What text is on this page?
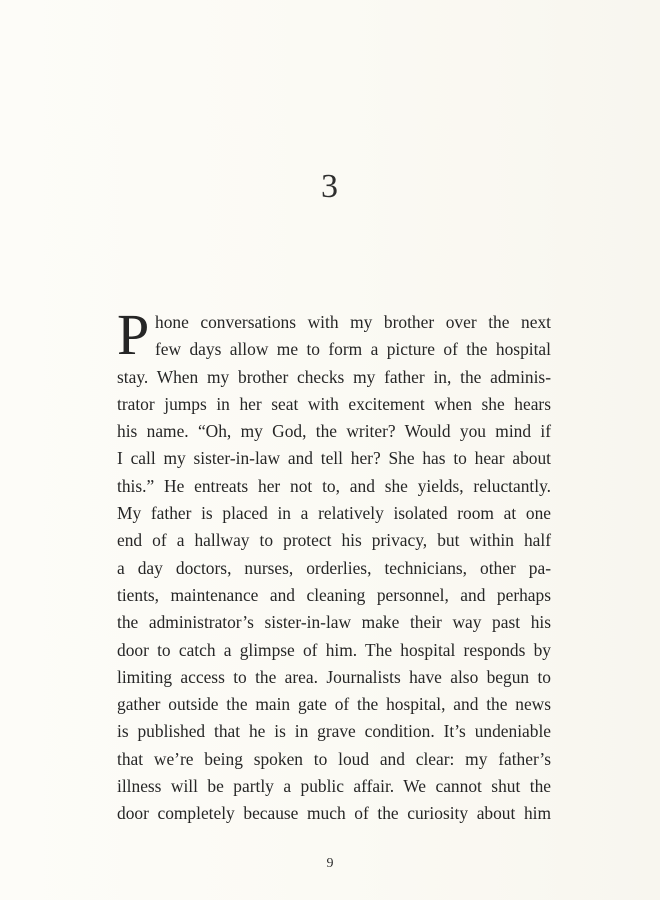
3
P hone conversations with my brother over the next
few days allow me to form a picture of the hospital
stay. When my brother checks my father in, the adminis-
trator jumps in her seat with excitement when she hears
his name. “Oh, my God, the writer? Would you mind if
I call my sister-in-law and tell her? She has to hear about
this.” He entreats her not to, and she yields, reluctantly.
My father is placed in a relatively isolated room at one
end of a hallway to protect his privacy, but within half
a day doctors, nurses, orderlies, technicians, other pa-
tients, maintenance and cleaning personnel, and perhaps
the administrator’s sister-in-law make their way past his
door to catch a glimpse of him. The hospital responds by
limiting access to the area. Journalists have also begun to
gather outside the main gate of the hospital, and the news
is published that he is in grave condition. It’s undeniable
that we’re being spoken to loud and clear: my father’s
illness will be partly a public affair. We cannot shut the
door completely because much of the curiosity about him
9
